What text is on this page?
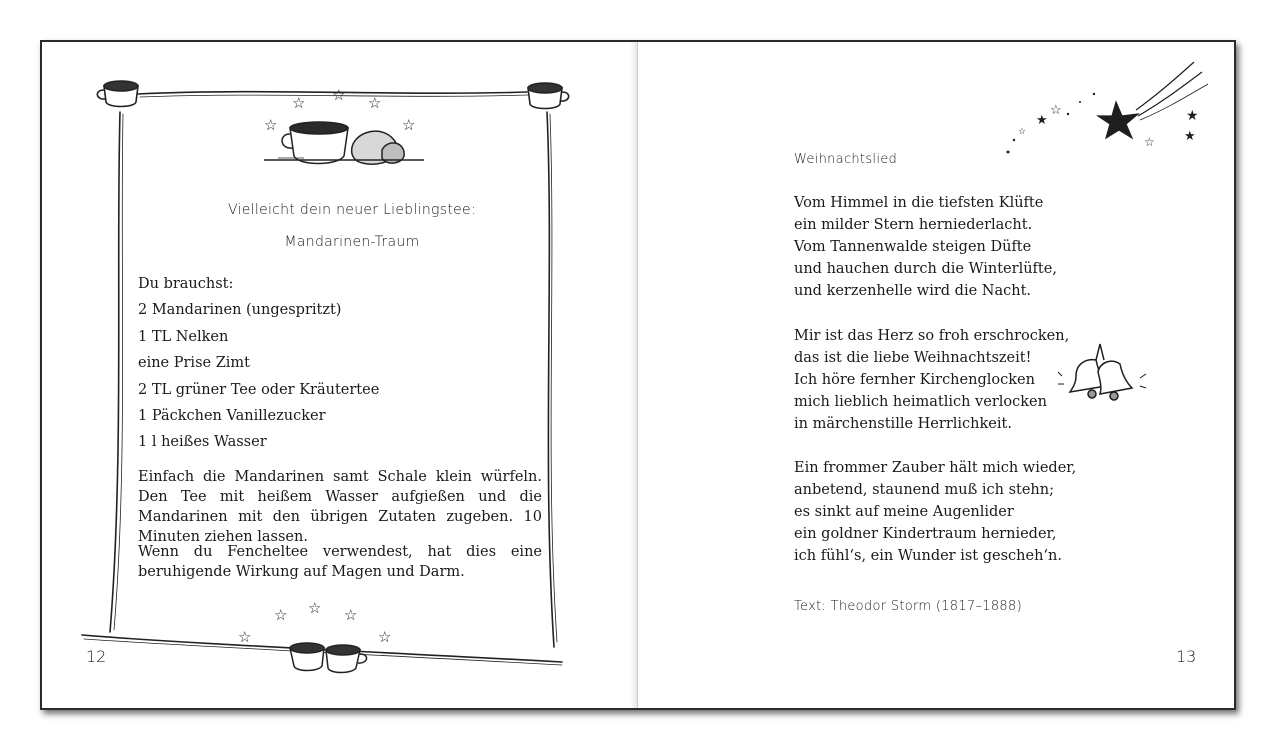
☆
☆ ☆ ☆
☆
☆
☆ ☆ ☆
☆
Vielleicht dein neuer Lieblingstee:
Mandarinen-Traum
Du brauchst:
2 Mandarinen (ungespritzt)
1 TL Nelken
eine Prise Zimt
2 TL grüner Tee oder Kräutertee
1 Päckchen Vanillezucker
1 l heißes Wasser
Einfach die Mandarinen samt Schale klein würfeln. Den Tee mit heißem Wasser aufgießen und die Mandarinen mit den übrigen Zutaten zugeben. 10 Minuten ziehen lassen.
Wenn du Fencheltee verwendest, hat dies eine beruhigende Wirkung auf Magen und Darm.
12
★
☆
☆
☆
★
★
Weihnachtslied
Vom Himmel in die tiefsten Klüfte
ein milder Stern herniederlacht.
Vom Tannenwalde steigen Düfte
und hauchen durch die Winterlüfte,
und kerzenhelle wird die Nacht.
Mir ist das Herz so froh erschrocken,
das ist die liebe Weihnachtszeit!
Ich höre fernher Kirchenglocken
mich lieblich heimatlich verlocken
in märchenstille Herrlichkeit.
Ein frommer Zauber hält mich wieder,
anbetend, staunend muß ich stehn;
es sinkt auf meine Augenlider
ein goldner Kindertraum hernieder,
ich fühl‘s, ein Wunder ist gescheh‘n.
Text: Theodor Storm (1817–1888)
13
